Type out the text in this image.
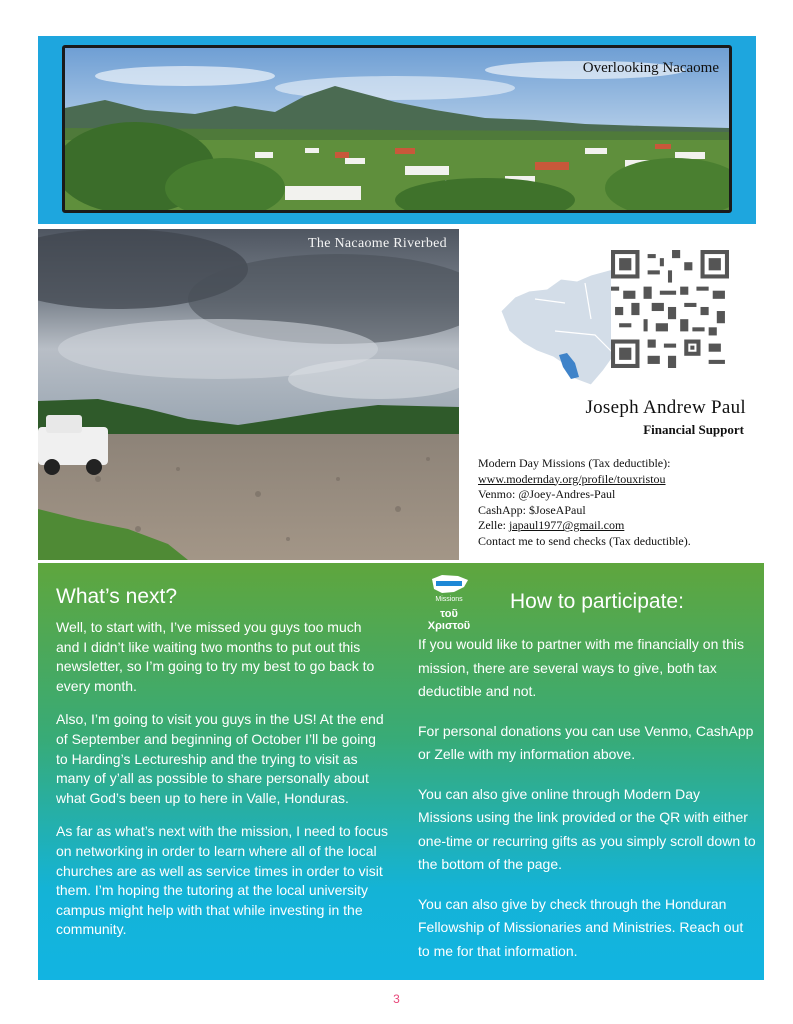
Overlooking Nacaome
The Nacaome Riverbed
Joseph Andrew Paul
Financial Support
Modern Day Missions (Tax deductible):
www.modernday.org/profile/touxristou
Venmo: @Joey-Andres-Paul
CashApp: $JoseAPaul
Zelle: japaul1977@gmail.com
Contact me to send checks (Tax deductible).
What’s next?

Well, to start with, I’ve missed you guys too much and I didn’t like waiting two months to put out this newsletter, so I’m going to try my best to go back to every month.

Also, I’m going to visit you guys in the US! At the end of September and beginning of October I’ll be going to Harding’s Lectureship and the trying to visit as many of y’all as possible to share personally about what God’s been up to here in Valle, Honduras.

As far as what’s next with the mission, I need to focus on networking in order to learn where all of the local churches are as well as service times in order to visit them. I’m hoping the tutoring at the local university campus might help with that while investing in the community.

Missions
τοῦ Χριστοῦ
How to participate:

If you would like to partner with me financially on this mission, there are several ways to give, both tax deductible and not.

For personal donations you can use Venmo, CashApp or Zelle with my information above.

You can also give online through Modern Day Missions using the link provided or the QR with either one-time or recurring gifts as you simply scroll down to the bottom of the page.

You can also give by check through the Honduran Fellowship of Missionaries and Ministries. Reach out to me for that information.

3
